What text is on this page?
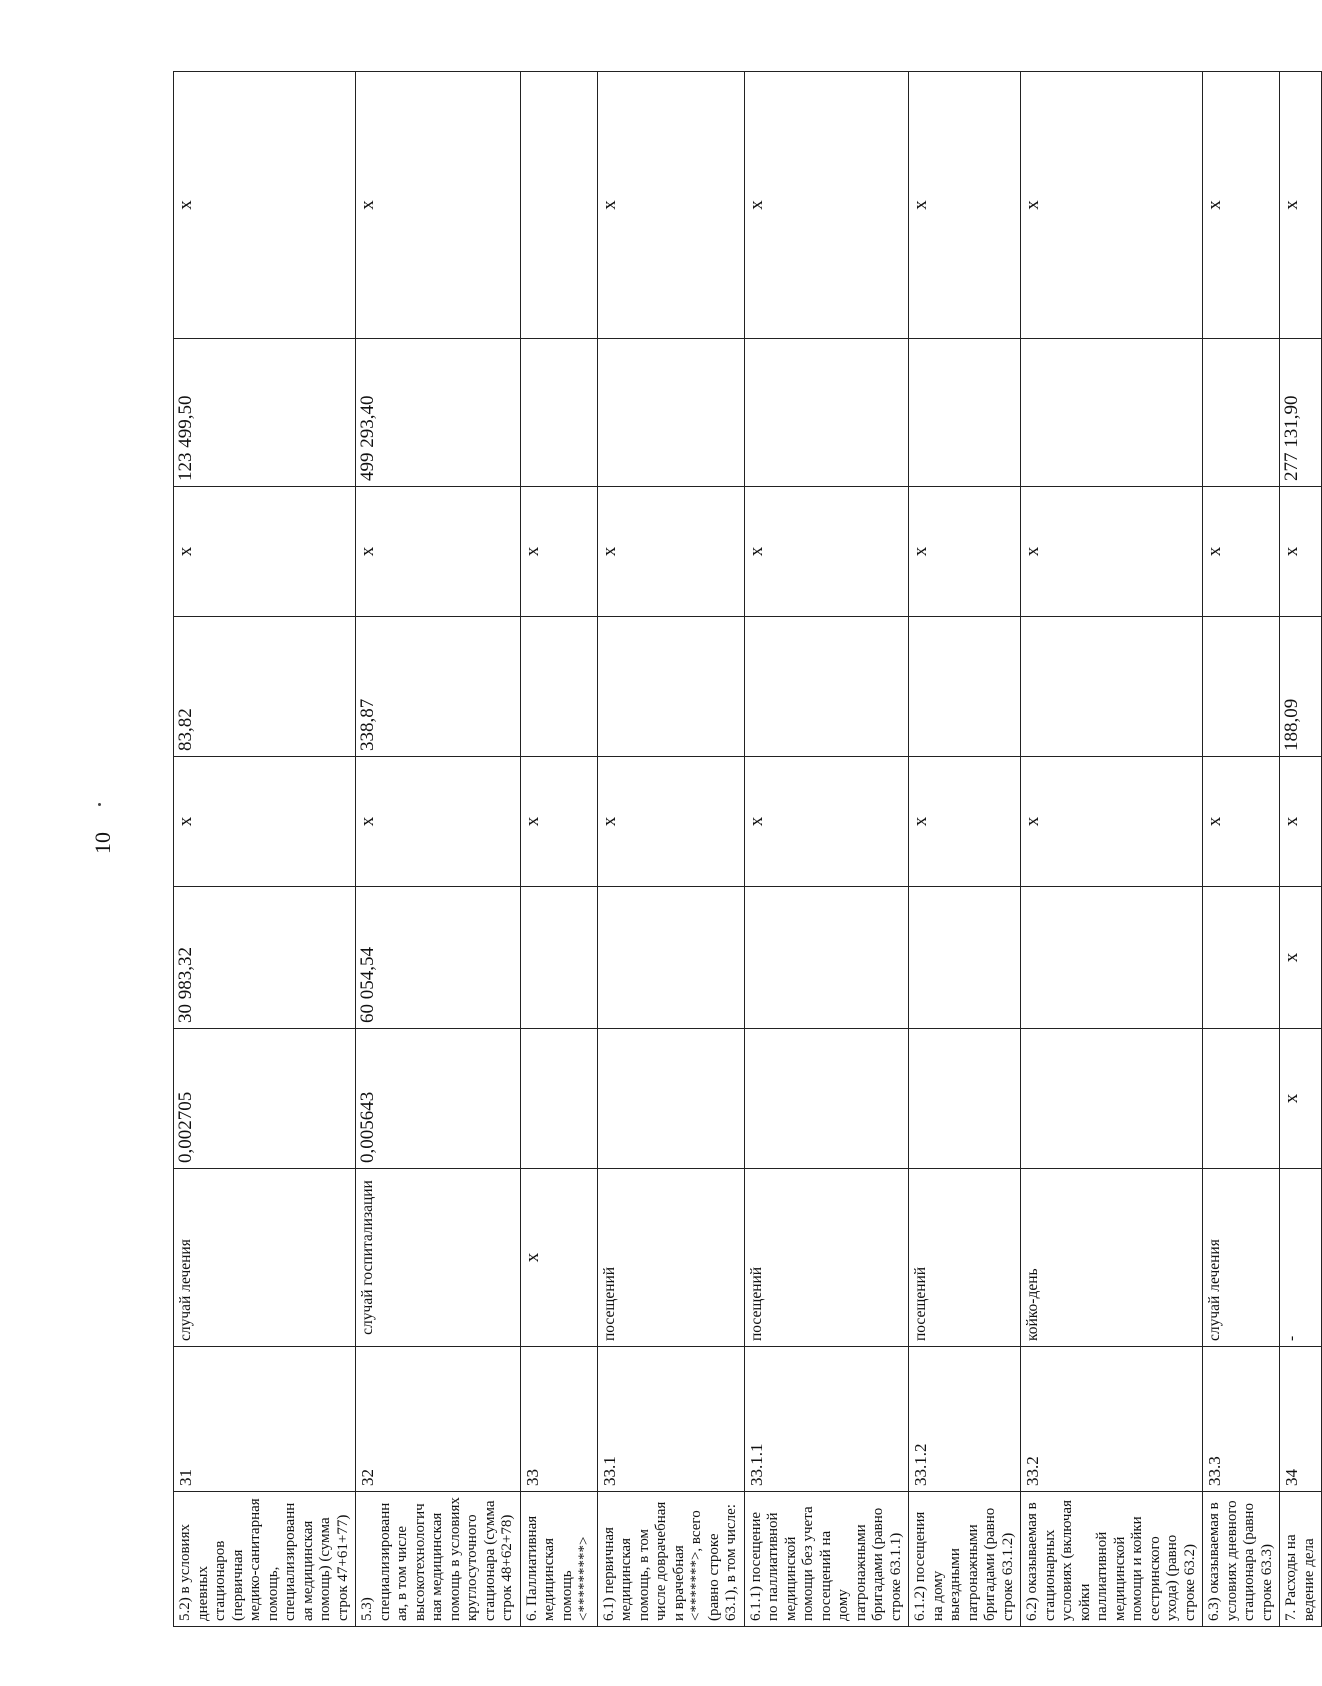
10
5.2) в условиях дневных стационаров (первичная медико-санитарная помощь, специализированная медицинская помощь) (сумма строк 47+61+77)	31	случай лечения	0,002705	30 983,32	х	83,82	х	123 499,50	х
5.3) специализированная, в том числе высокотехнологичная медицинская помощь в условиях круглосуточного стационара (сумма строк 48+62+78)	32	случай госпитализации	0,005643	60 054,54	х	338,87	х	499 293,40	х
6. Паллиативная медицинская помощь <*********>	33	х			х		х		
6.1) первичная медицинская помощь, в том числе доврачебная и врачебная <*******>, всего (равно строке 63.1), в том числе:	33.1	посещений			х		х		х
6.1.1) посещение по паллиативной медицинской помощи без учета посещений на дому патронажными бригадами (равно строке 63.1.1)	33.1.1	посещений			х		х		х
6.1.2) посещения на дому выездными патронажными бригадами (равно строке 63.1.2)	33.1.2	посещений			х		х		х
6.2) оказываемая в стационарных условиях (включая койки паллиативной медицинской помощи и койки сестринского ухода) (равно строке 63.2)	33.2	койко-день			х		х		х
6.3) оказываемая в условиях дневного стационара (равно строке 63.3)	33.3	случай лечения			х		х		х
7. Расходы на ведение дела	34	-	х	х	х	188,09	х	277 131,90	х
